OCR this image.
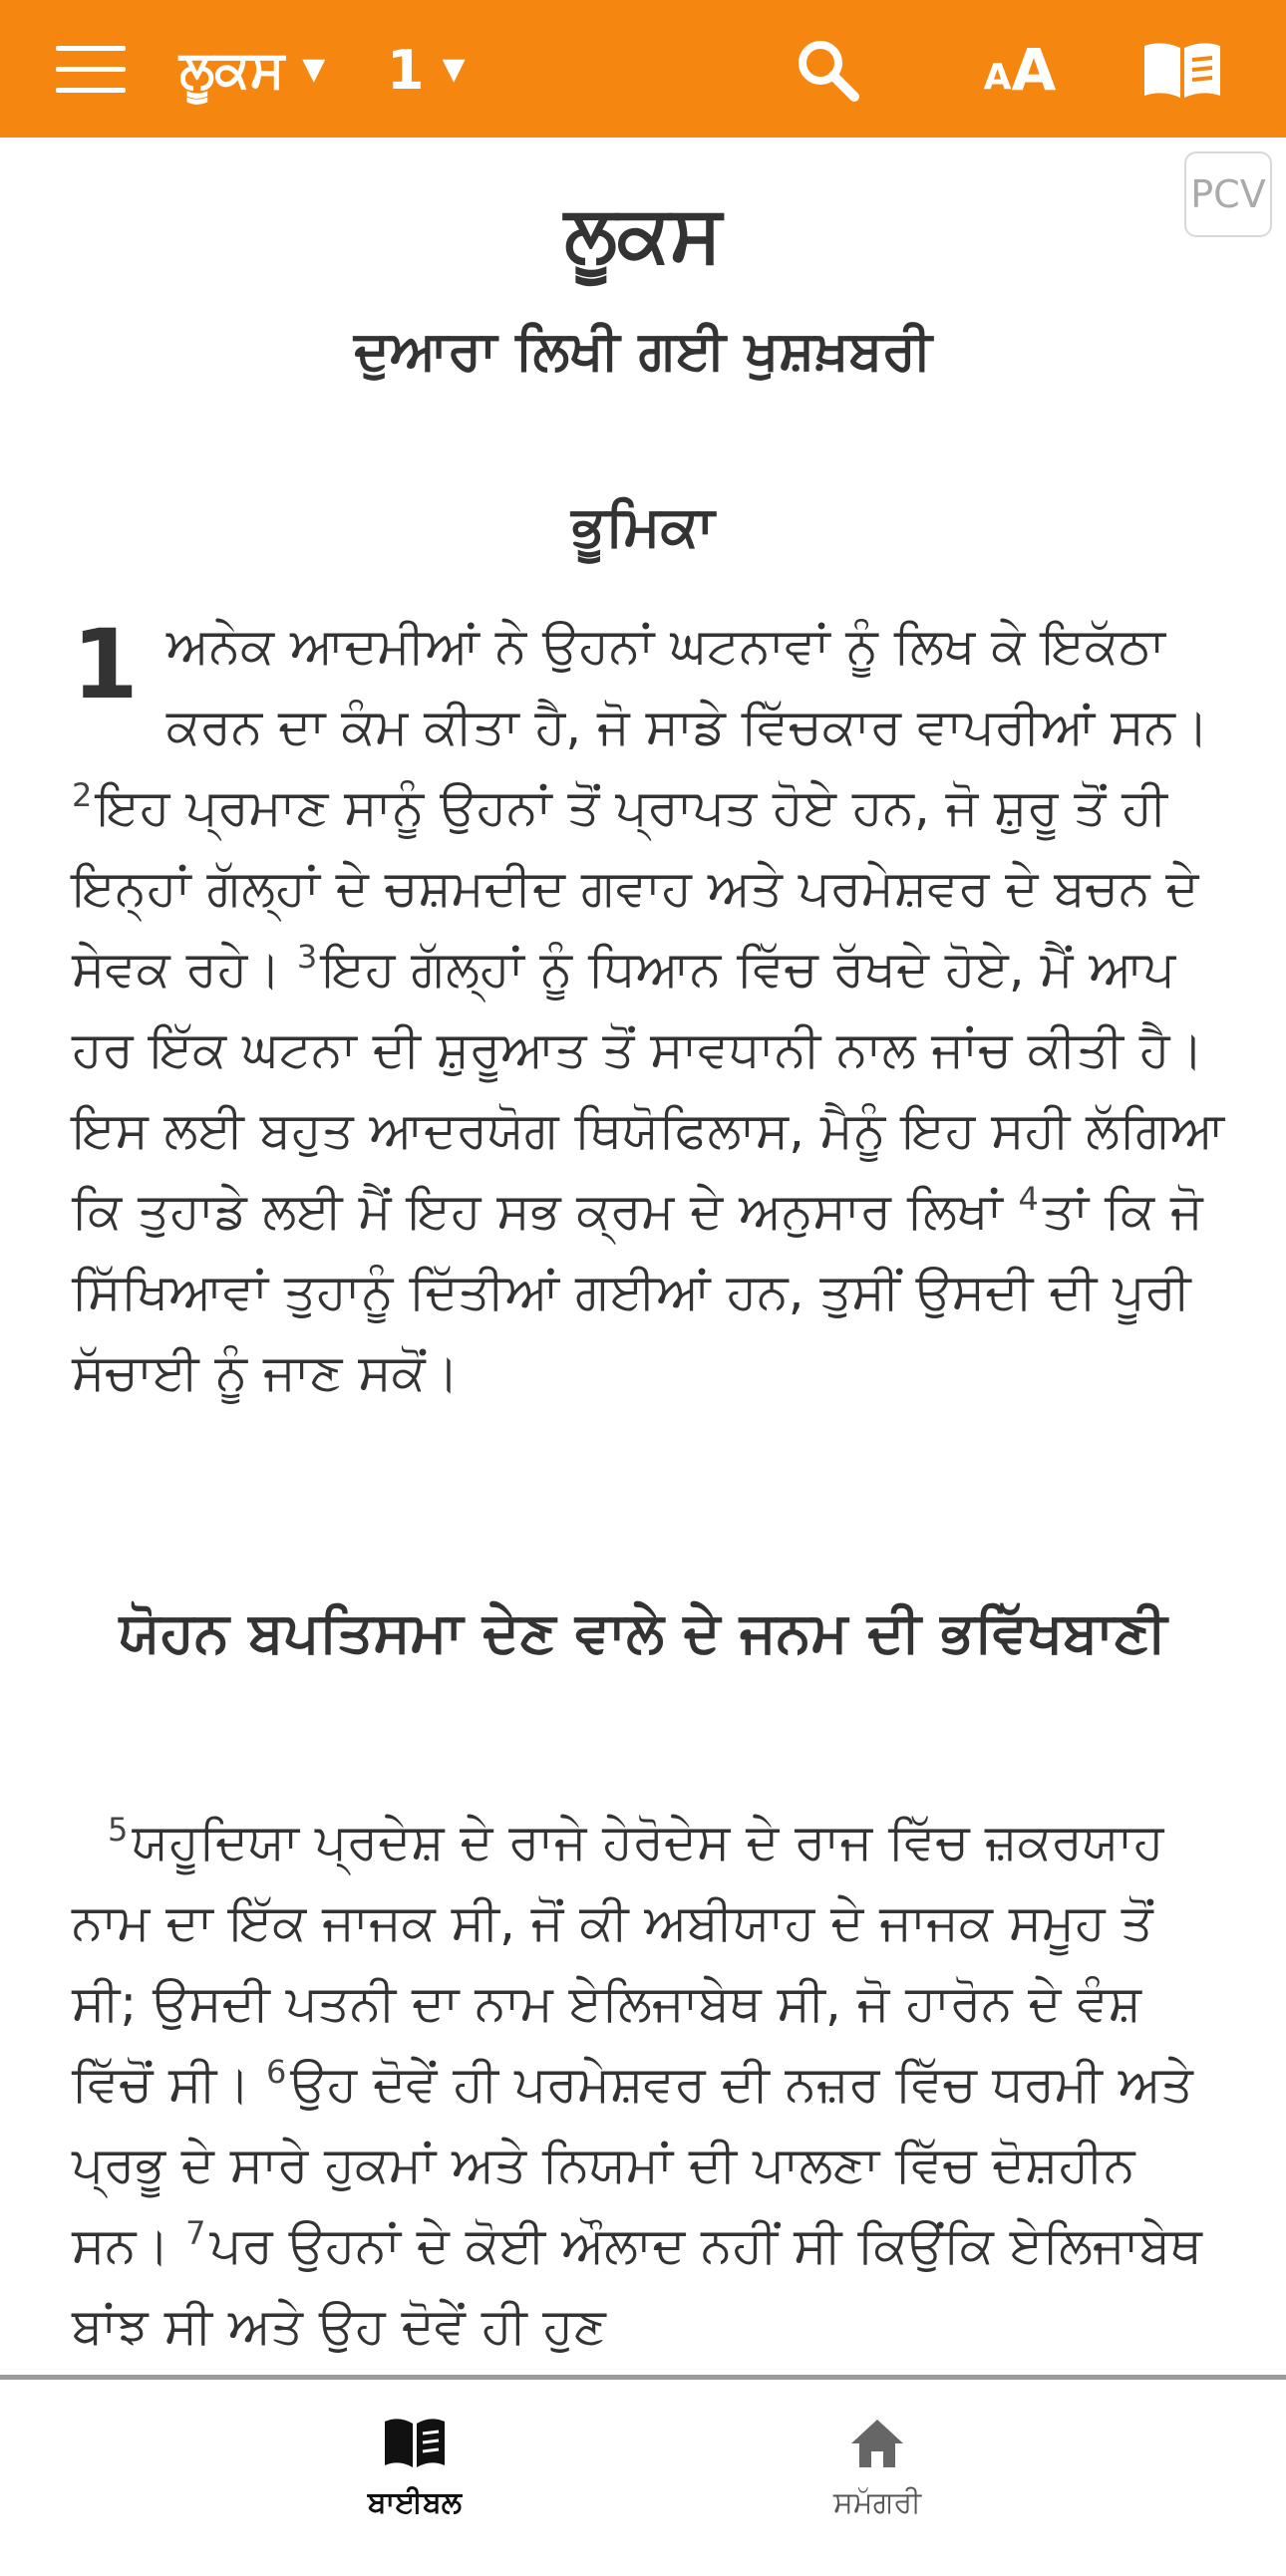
ਲੂਕਸ ▼ 1 ▼	A A
ਲੂਕਸ
ਦੁਆਰਾ ਲਿਖੀ ਗਈ ਖੁਸ਼ਖ਼ਬਰੀ
ਭੂਮਿਕਾ
1 ਅਨੇਕ ਆਦਮੀਆਂ ਨੇ ਉਹਨਾਂ ਘਟਨਾਵਾਂ ਨੂੰ ਲਿਖ ਕੇ ਇਕੱਠਾ ਕਰਨ ਦਾ ਕੰਮ ਕੀਤਾ ਹੈ, ਜੋ ਸਾਡੇ ਵਿੱਚਕਾਰ ਵਾਪਰੀਆਂ ਸਨ। $^2$ਇਹ ਪ੍ਰਮਾਣ ਸਾਨੂੰ ਉਹਨਾਂ ਤੋਂ ਪ੍ਰਾਪਤ ਹੋਏ ਹਨ, ਜੋ ਸ਼ੁਰੂ ਤੋਂ ਹੀ ਇਨ੍ਹਾਂ ਗੱਲ੍ਹਾਂ ਦੇ ਚਸ਼ਮਦੀਦ ਗਵਾਹ ਅਤੇ ਪਰਮੇਸ਼ਵਰ ਦੇ ਬਚਨ ਦੇ ਸੇਵਕ ਰਹੇ। $^3$ਇਹ ਗੱਲ੍ਹਾਂ ਨੂੰ ਧਿਆਨ ਵਿੱਚ ਰੱਖਦੇ ਹੋਏ, ਮੈਂ ਆਪ ਹਰ ਇੱਕ ਘਟਨਾ ਦੀ ਸ਼ੁਰੂਆਤ ਤੋਂ ਸਾਵਧਾਨੀ ਨਾਲ ਜਾਂਚ ਕੀਤੀ ਹੈ। ਇਸ ਲਈ ਬਹੁਤ ਆਦਰਯੋਗ ਥਿਯੋਫਿਲਾਸ, ਮੈਨੂੰ ਇਹ ਸਹੀ ਲੱਗਿਆ ਕਿ ਤੁਹਾਡੇ ਲਈ ਮੈਂ ਇਹ ਸਭ ਕ੍ਰਮ ਦੇ ਅਨੁਸਾਰ ਲਿਖਾਂ $^4$ਤਾਂ ਕਿ ਜੋ ਸਿੱਖਿਆਵਾਂ ਤੁਹਾਨੂੰ ਦਿੱਤੀਆਂ ਗਈਆਂ ਹਨ, ਤੁਸੀਂ ਉਸਦੀ ਦੀ ਪੂਰੀ ਸੱਚਾਈ ਨੂੰ ਜਾਣ ਸਕੋਂ।
ਯੋਹਨ ਬਪਤਿਸਮਾ ਦੇਣ ਵਾਲੇ ਦੇ ਜਨਮ ਦੀ ਭਵਿੱਖਬਾਣੀ
$^5$ਯਹੂਦਿਯਾ ਪ੍ਰਦੇਸ਼ ਦੇ ਰਾਜੇ ਹੇਰੋਦੇਸ ਦੇ ਰਾਜ ਵਿੱਚ ਜ਼ਕਰਯਾਹ ਨਾਮ ਦਾ ਇੱਕ ਜਾਜਕ ਸੀ, ਜੋਂ ਕੀ ਅਬੀਯਾਹ ਦੇ ਜਾਜਕ ਸਮੂਹ ਤੋਂ ਸੀ; ਉਸਦੀ ਪਤਨੀ ਦਾ ਨਾਮ ਏਲਿਜਾਬੇਥ ਸੀ, ਜੋ ਹਾਰੋਨ ਦੇ ਵੰਸ਼ ਵਿੱਚੋਂ ਸੀ। $^6$ਉਹ ਦੋਵੇਂ ਹੀ ਪਰਮੇਸ਼ਵਰ ਦੀ ਨਜ਼ਰ ਵਿੱਚ ਧਰਮੀ ਅਤੇ ਪ੍ਰਭੂ ਦੇ ਸਾਰੇ ਹੁਕਮਾਂ ਅਤੇ ਨਿਯਮਾਂ ਦੀ ਪਾਲਣਾ ਵਿੱਚ ਦੋਸ਼ਹੀਨ ਸਨ। $^7$ਪਰ ਉਹਨਾਂ ਦੇ ਕੋਈ ਔਲਾਦ ਨਹੀਂ ਸੀ ਕਿਉਂਕਿ ਏਲਿਜਾਬੇਥ ਬਾਂਝ ਸੀ ਅਤੇ ਉਹ ਦੋਵੇਂ ਹੀ ਹੁਣ
PCV
ਬਾਈਬਲ	ਸਮੱਗਰੀ
